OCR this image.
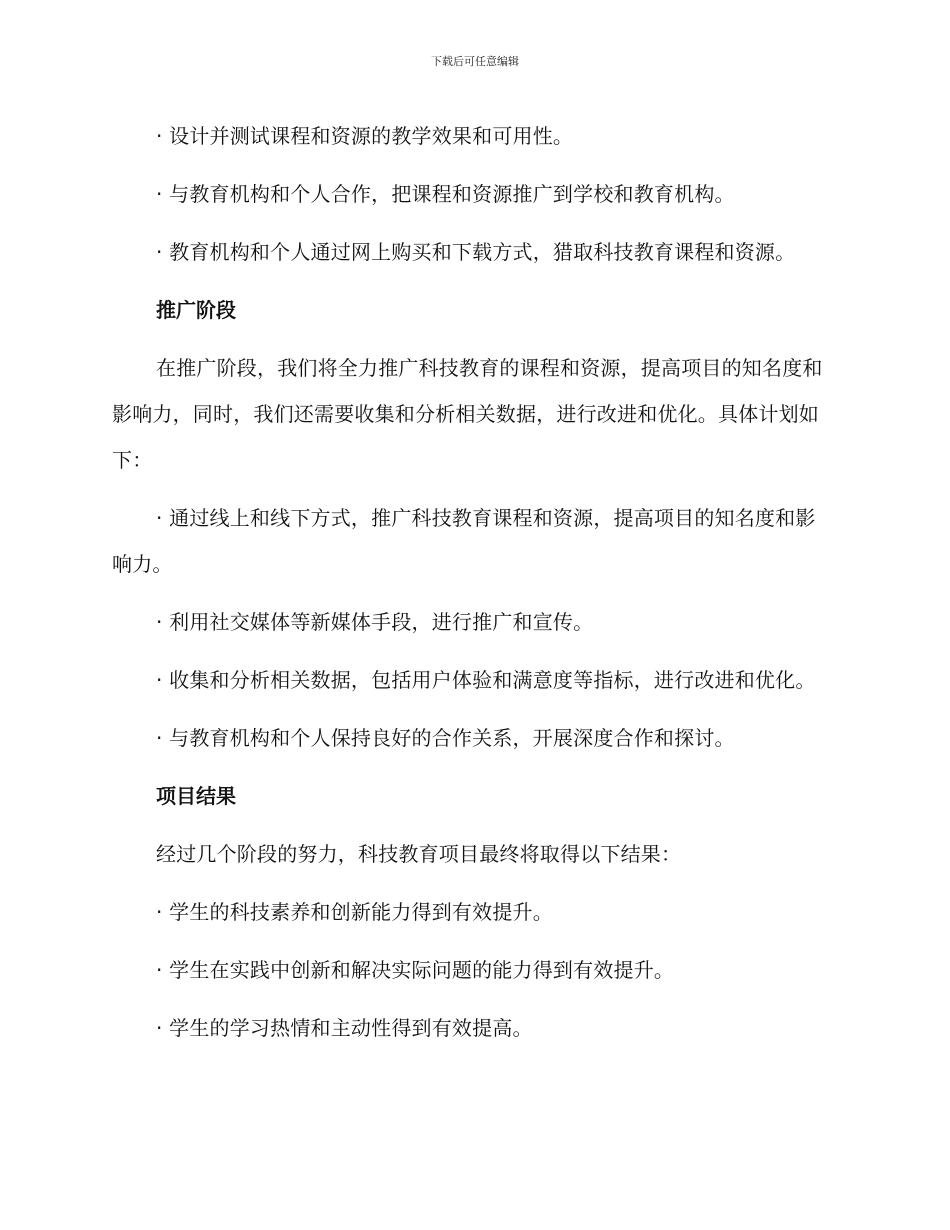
下载后可任意编辑

· 设计并测试课程和资源的教学效果和可用性。

· 与教育机构和个人合作，把课程和资源推广到学校和教育机构。

· 教育机构和个人通过网上购买和下载方式，猎取科技教育课程和资源。

推广阶段

在推广阶段，我们将全力推广科技教育的课程和资源，提高项目的知名度和影响力，同时，我们还需要收集和分析相关数据，进行改进和优化。具体计划如下：

· 通过线上和线下方式，推广科技教育课程和资源，提高项目的知名度和影响力。

· 利用社交媒体等新媒体手段，进行推广和宣传。

· 收集和分析相关数据，包括用户体验和满意度等指标，进行改进和优化。

· 与教育机构和个人保持良好的合作关系，开展深度合作和探讨。

项目结果

经过几个阶段的努力，科技教育项目最终将取得以下结果：

· 学生的科技素养和创新能力得到有效提升。

· 学生在实践中创新和解决实际问题的能力得到有效提升。

· 学生的学习热情和主动性得到有效提高。
